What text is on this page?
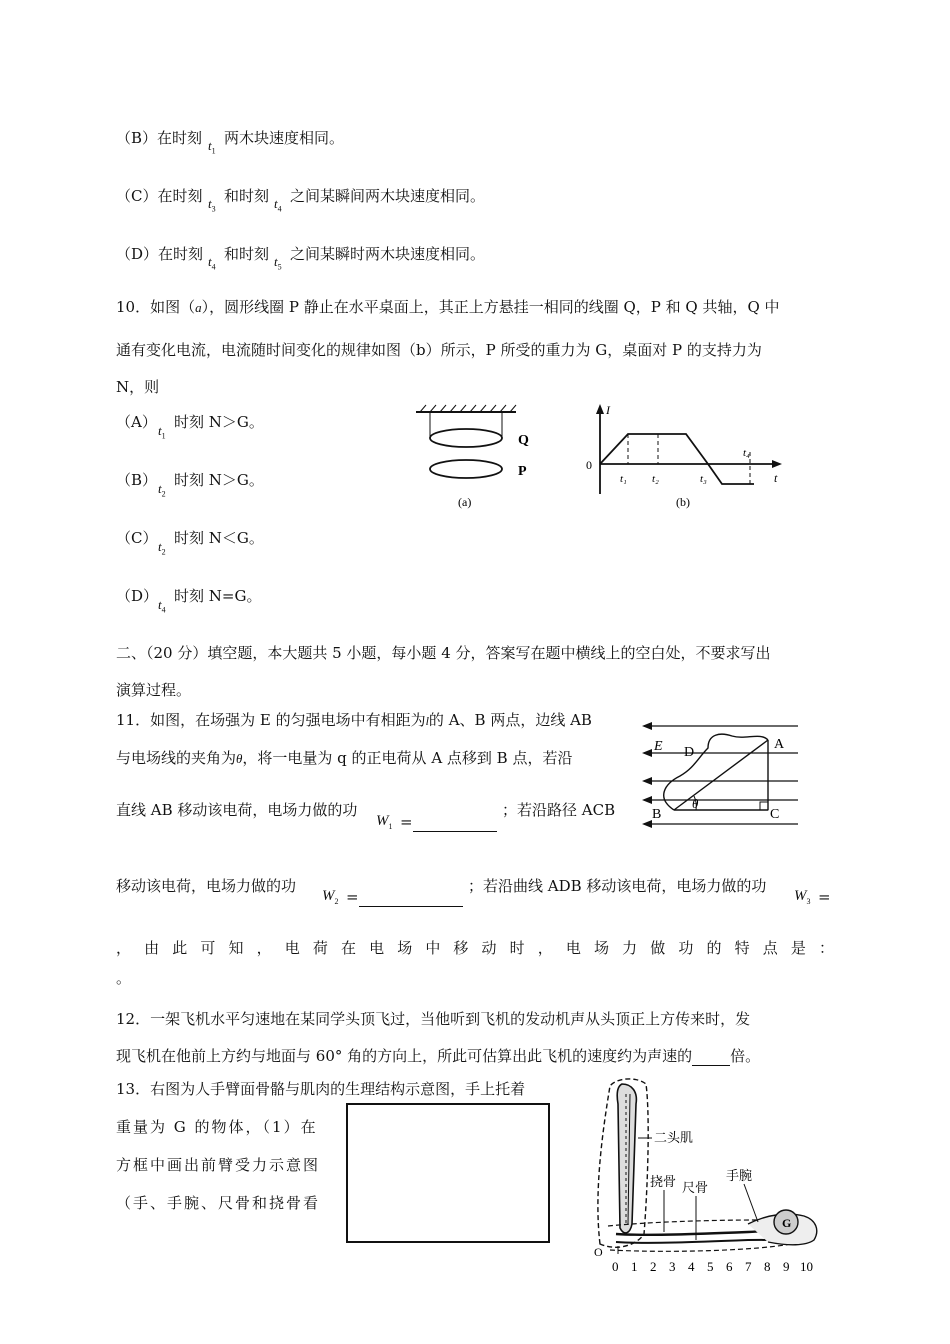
（B）在时刻 $t_1$
两木块速度相同。
（C）在时刻 $t_3$
和时刻 $t_4$
之间某瞬间两木块速度相同。
（D）在时刻 $t_4$
和时刻 $t_5$
之间某瞬时两木块速度相同。
10．如图（a），圆形线圈 P 静止在水平桌面上，其正上方悬挂一相同的线圈 Q，P 和 Q 共轴，Q 中
通有变化电流，电流随时间变化的规律如图（b）所示，P 所受的重力为 G，桌面对 P 的支持力为
N，则
（A） $t_1$
时刻 N＞G。
（B） $t_2$
时刻 N＞G。
（C） $t_2$
时刻 N＜G。
（D） $t_4$
时刻 N=G。
Q
P
(a)
I
t
0
t₁ t₂	t₃
t₄
(b)
二、（20 分）填空题，本大题共 5 小题，每小题 4 分，答案写在题中横线上的空白处，不要求写出
演算过程。
11．如图，在场强为 E 的匀强电场中有相距为l的 A、B 两点，边线 AB
与电场线的夹角为θ，将一电量为 q 的正电荷从 A 点移到 B 点，若沿
直线 AB 移动该电荷，电场力做的功
$W_1$ =
；若沿路径 ACB
移动该电荷，电场力做的功
$W_2$ =
；若沿曲线 ADB 移动该电荷，电场力做的功
$W_3$ =
，由此可知，电荷在电场中移动时，电场力做功的特点是：
。
E D
A
B	C
θ
12．一架飞机水平匀速地在某同学头顶飞过，当他听到飞机的发动机声从头顶正上方传来时，发
现飞机在他前上方约与地面与 60° 角的方向上，所此可估算出此飞机的速度约为声速的	倍。
13．右图为人手臂面骨骼与肌肉的生理结构示意图，手上托着
重量为 G 的物体，（1）在
方框中画出前臂受力示意图
（手、手腕、尺骨和挠骨看
G
二头肌
挠骨 尺骨
手腕
O
0 1 2 3 4 5 6 7 8 9 10
